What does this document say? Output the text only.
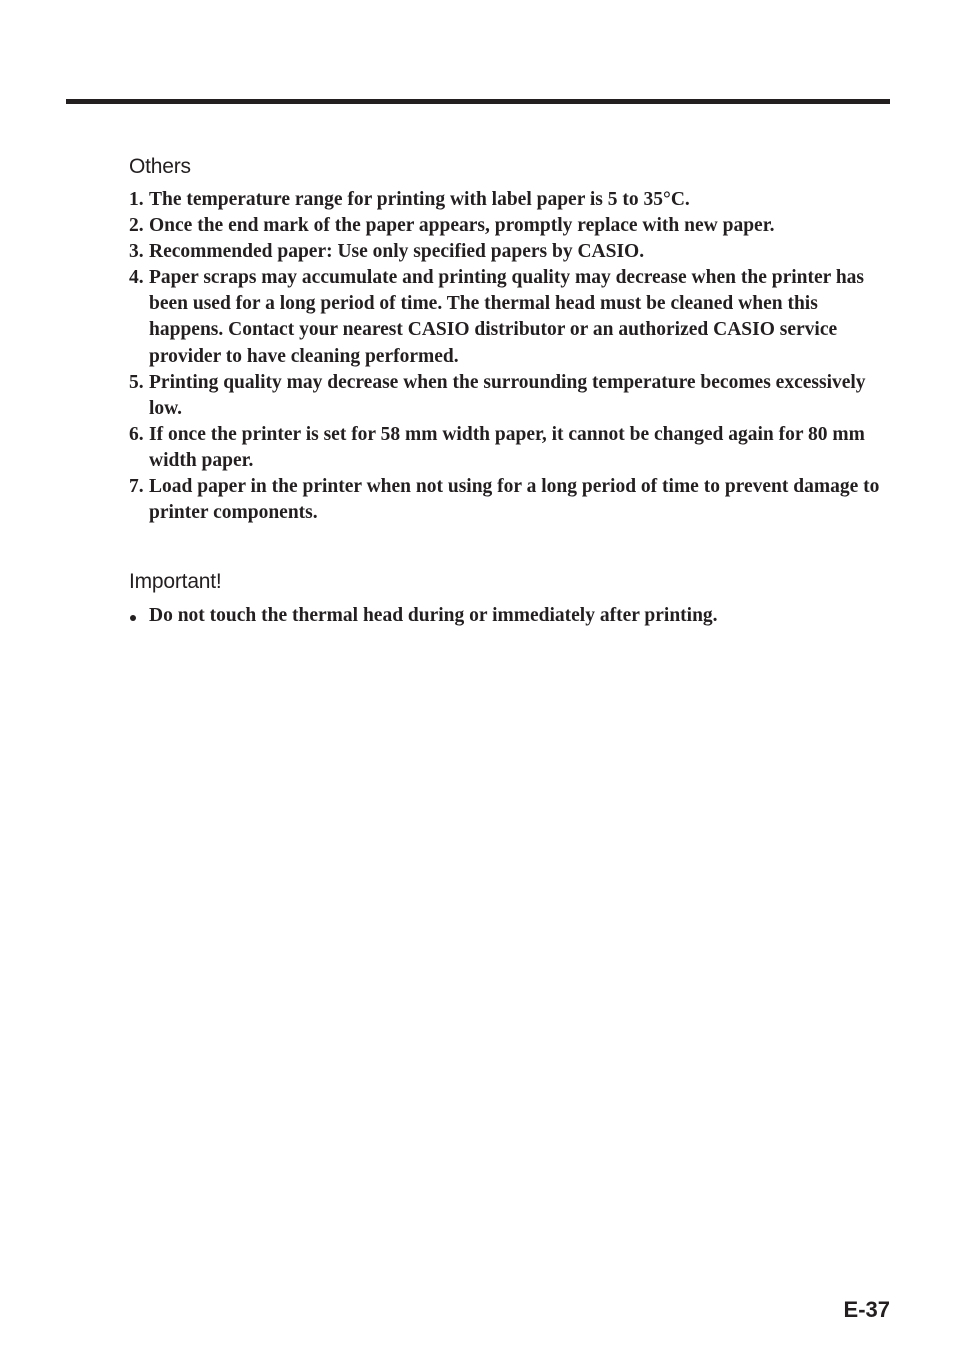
Others
1. The temperature range for printing with label paper is 5 to 35°C.
2. Once the end mark of the paper appears, promptly replace with new paper.
3. Recommended paper: Use only specified papers by CASIO.
4. Paper scraps may accumulate and printing quality may decrease when the printer has been used for a long period of time. The thermal head must be cleaned when this happens. Contact your nearest CASIO distributor or an authorized CASIO service provider to have cleaning performed.
5. Printing quality may decrease when the surrounding temperature becomes excessively low.
6. If once the printer is set for 58 mm width paper, it cannot be changed again for 80 mm width paper.
7. Load paper in the printer when not using for a long period of time to prevent damage to printer components.
Important!
Do not touch the thermal head during or immediately after printing.

E-37
